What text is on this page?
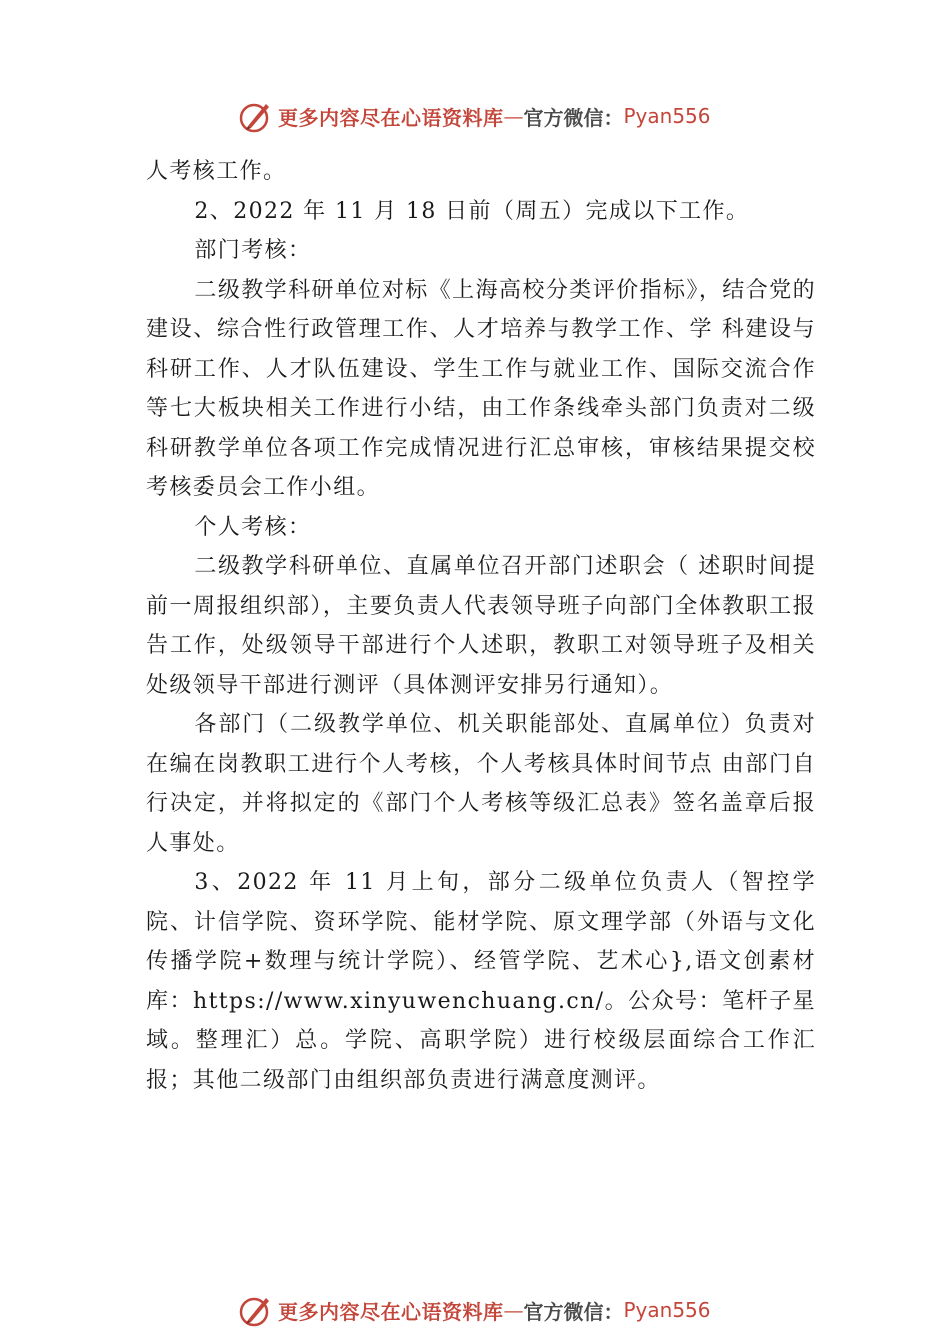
更多内容尽在心语资料库 — 官方微信： Pyan556

人考核工作。

2、2022 年 11 月 18 日前（周五）完成以下工作。

部门考核：

二级教学科研单位对标《上海高校分类评价指标》，结合党的建设、综合性行政管理工作、人才培养与教学工作、学 科建设与科研工作、人才队伍建设、学生工作与就业工作、国际交流合作等七大板块相关工作进行小结，由工作条线牵头部门负责对二级科研教学单位各项工作完成情况进行汇总审核，审核结果提交校考核委员会工作小组。

个人考核：

二级教学科研单位、直属单位召开部门述职会（ 述职时间提前一周报组织部），主要负责人代表领导班子向部门全体教职工报告工作，处级领导干部进行个人述职，教职工对领导班子及相关处级领导干部进行测评（具体测评安排另行通知）。

各部门（二级教学单位、机关职能部处、直属单位）负责对在编在岗教职工进行个人考核，个人考核具体时间节点 由部门自行决定，并将拟定的《部门个人考核等级汇总表》签名盖章后报人事处。

3、2022 年 11 月上旬，部分二级单位负责人（智控学院、计信学院、资环学院、能材学院、原文理学部（外语与文化传播学院+数理与统计学院）、经管学院、艺术心},语文创素材库：https://www.xinyuwenchuang.cn/。公众号：笔杆子星域。整理汇）总。学院、高职学院）进行校级层面综合工作汇报；其他二级部门由组织部负责进行满意度测评。

更多内容尽在心语资料库 — 官方微信： Pyan556
